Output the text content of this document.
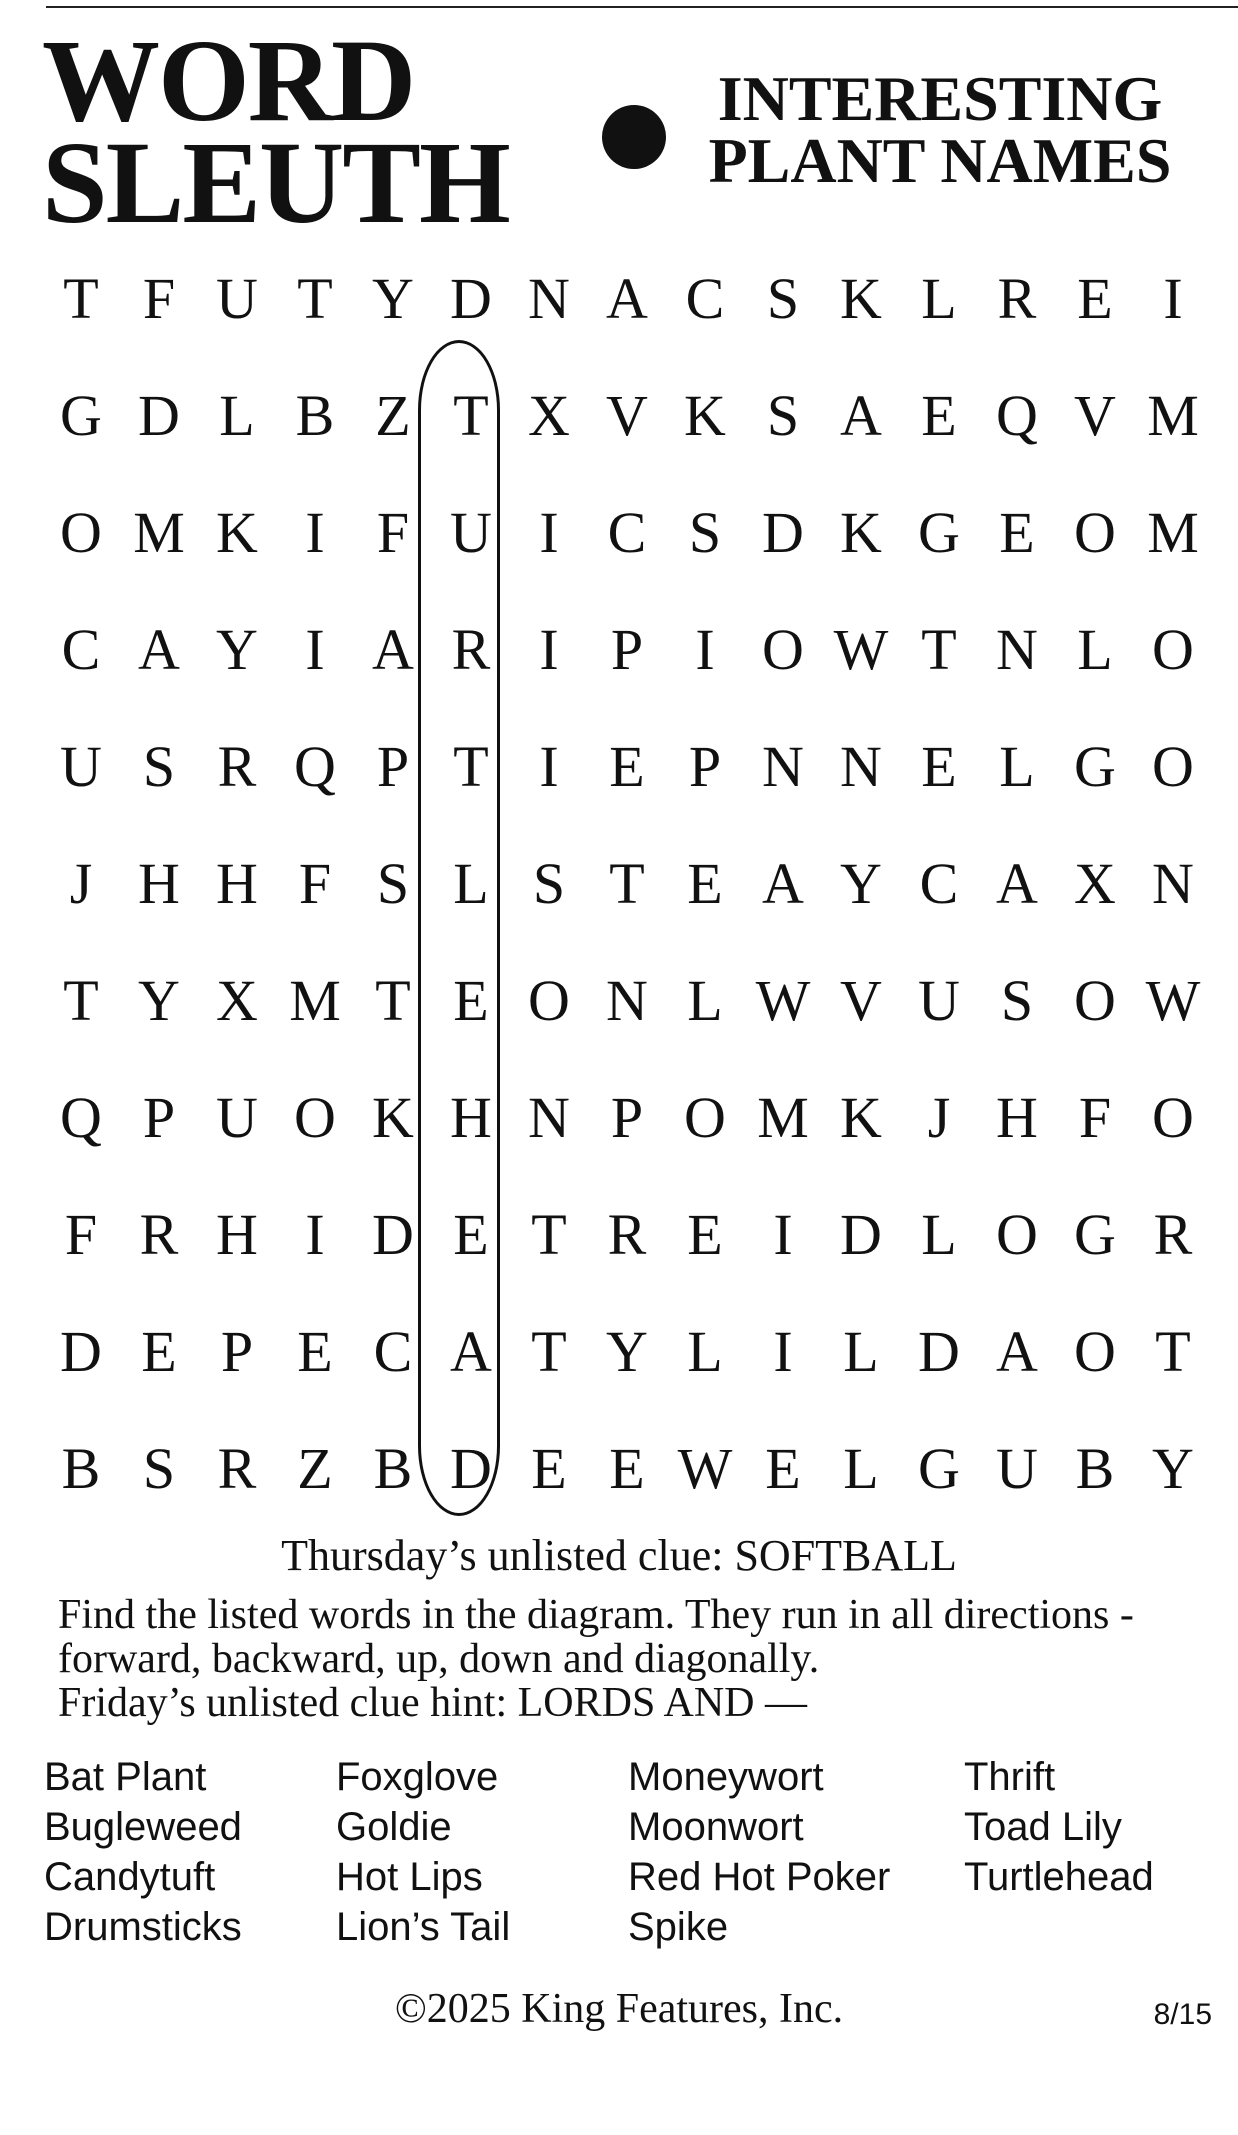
WORD
SLEUTH
INTERESTING
PLANT NAMES
T F U T Y D N A C S K L R E I
G D L B Z T X V K S A E Q V M
O M K I F U I C S D K G E O M
C A Y I A R I P I O W T N L O
U S R Q P T I E P N N E L G O
J H H F S L S T E A Y C A X N
T Y X M T E O N L W V U S O W
Q P U O K H N P O M K J H F O
F R H I D E T R E I D L O G R
D E P E C A T Y L I L D A O T
B S R Z B D E E W E L G U B Y
Thursday’s unlisted clue: SOFTBALL
Find the listed words in the diagram. They run in all directions -
forward, backward, up, down and diagonally.
Friday’s unlisted clue hint: LORDS AND —
Bat Plant
Bugleweed
Candytuft
Drumsticks
Foxglove
Goldie
Hot Lips
Lion’s Tail
Moneywort
Moonwort
Red Hot Poker
Spike
Thrift
Toad Lily
Turtlehead
©2025 King Features, Inc.	8/15
